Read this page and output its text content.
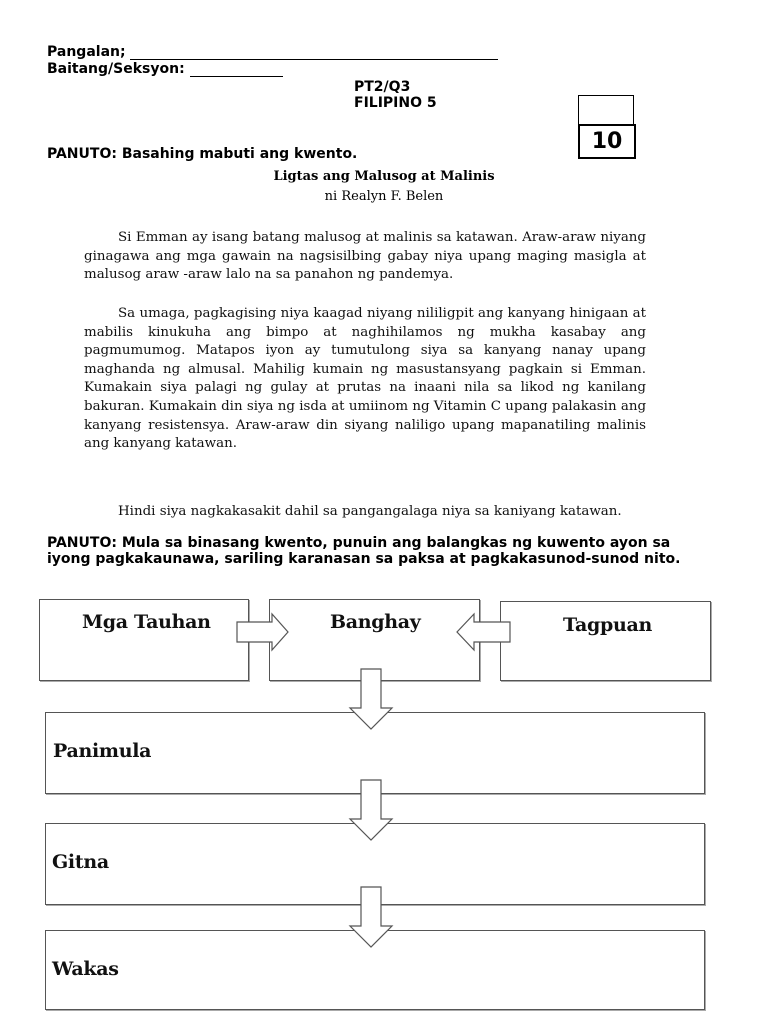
Pangalan;
Baitang/Seksyon:
PT2/Q3
FILIPINO 5
10
PANUTO: Basahing mabuti ang kwento.
Ligtas ang Malusog at Malinis
ni Realyn F. Belen
Si Emman ay isang batang malusog at malinis sa katawan. Araw-araw niyang ginagawa ang mga gawain na nagsisilbing gabay niya upang maging masigla at malusog araw -araw lalo na sa panahon ng pandemya.
Sa umaga, pagkagising niya kaagad niyang nililigpit ang kanyang hinigaan at mabilis kinukuha ang bimpo at naghihilamos ng mukha kasabay ang pagmumumog. Matapos iyon ay tumutulong siya sa kanyang nanay upang maghanda ng almusal. Mahilig kumain ng masustansyang pagkain si Emman. Kumakain siya palagi ng gulay at prutas na inaani nila sa likod ng kanilang bakuran. Kumakain din siya ng isda at umiinom ng Vitamin C upang palakasin ang kanyang resistensya. Araw-araw din siyang naliligo upang mapanatiling malinis ang kanyang katawan.
Hindi siya nagkakasakit dahil sa pangangalaga niya sa kaniyang katawan.
PANUTO: Mula sa binasang kwento, punuin ang balangkas ng kuwento ayon sa iyong pagkakaunawa, sariling karanasan sa paksa at pagkakasunod-sunod nito.
Mga Tauhan	Banghay	Tagpuan
Panimula
Gitna
Wakas
